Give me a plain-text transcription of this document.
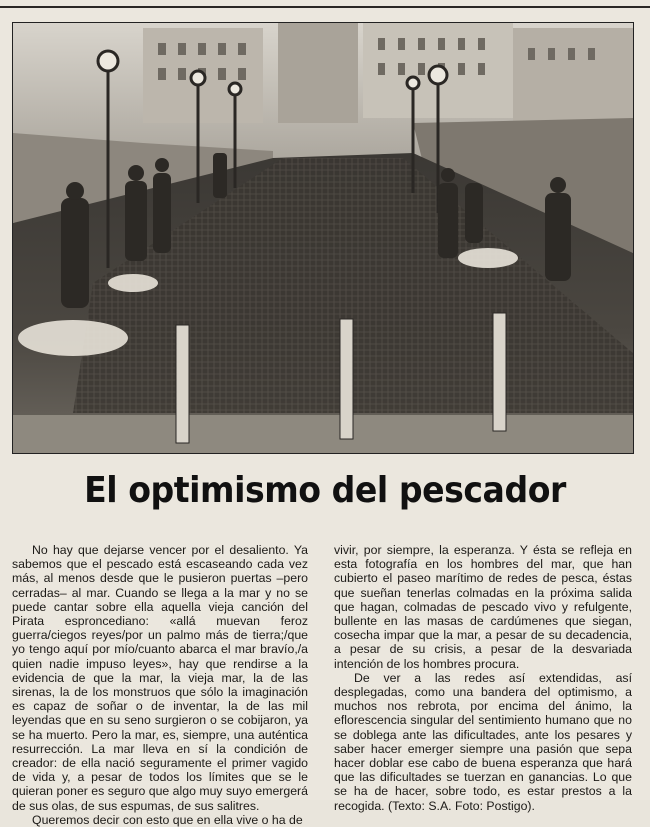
El optimismo del pescador

No hay que dejarse vencer por el desaliento. Ya sabemos que el pescado está escaseando cada vez más, al menos desde que le pusieron puertas –pero cerradas– al mar. Cuando se llega a la mar y no se puede cantar sobre ella aquella vieja canción del Pirata esproncediano: «allá muevan feroz guerra/ciegos reyes/por un palmo más de tierra;/que yo tengo aquí por mío/cuanto abarca el mar bravío,/a quien nadie impuso leyes», hay que rendirse a la evidencia de que la mar, la vieja mar, la de las sirenas, la de los monstruos que sólo la imaginación es capaz de soñar o de inventar, la de las mil leyendas que en su seno surgieron o se cobijaron, ya se ha muerto. Pero la mar, es, siempre, una auténtica resurrección. La mar lleva en sí la condición de creador: de ella nació seguramente el primer vagido de vida y, a pesar de todos los límites que se le quieran poner es seguro que algo muy suyo emergerá de sus olas, de sus espumas, de sus salitres.

Queremos decir con esto que en ella vive o ha de

vivir, por siempre, la esperanza. Y ésta se refleja en esta fotografía en los hombres del mar, que han cubierto el paseo marítimo de redes de pesca, éstas que sueñan tenerlas colmadas en la próxima salida que hagan, colmadas de pescado vivo y refulgente, bullente en las masas de cardúmenes que siegan, cosecha impar que la mar, a pesar de su decadencia, a pesar de su crisis, a pesar de la desvariada intención de los hombres procura.

De ver a las redes así extendidas, así desplegadas, como una bandera del optimismo, a muchos nos rebrota, por encima del ánimo, la eflorescencia singular del sentimiento humano que no se doblega ante las dificultades, ante los pesares y saber hacer emerger siempre una pasión que sepa hacer doblar ese cabo de buena esperanza que hará que las dificultades se tuerzan en ganancias. Lo que se ha de hacer, sobre todo, es estar prestos a la recogida. (Texto: S.A. Foto: Postigo).
